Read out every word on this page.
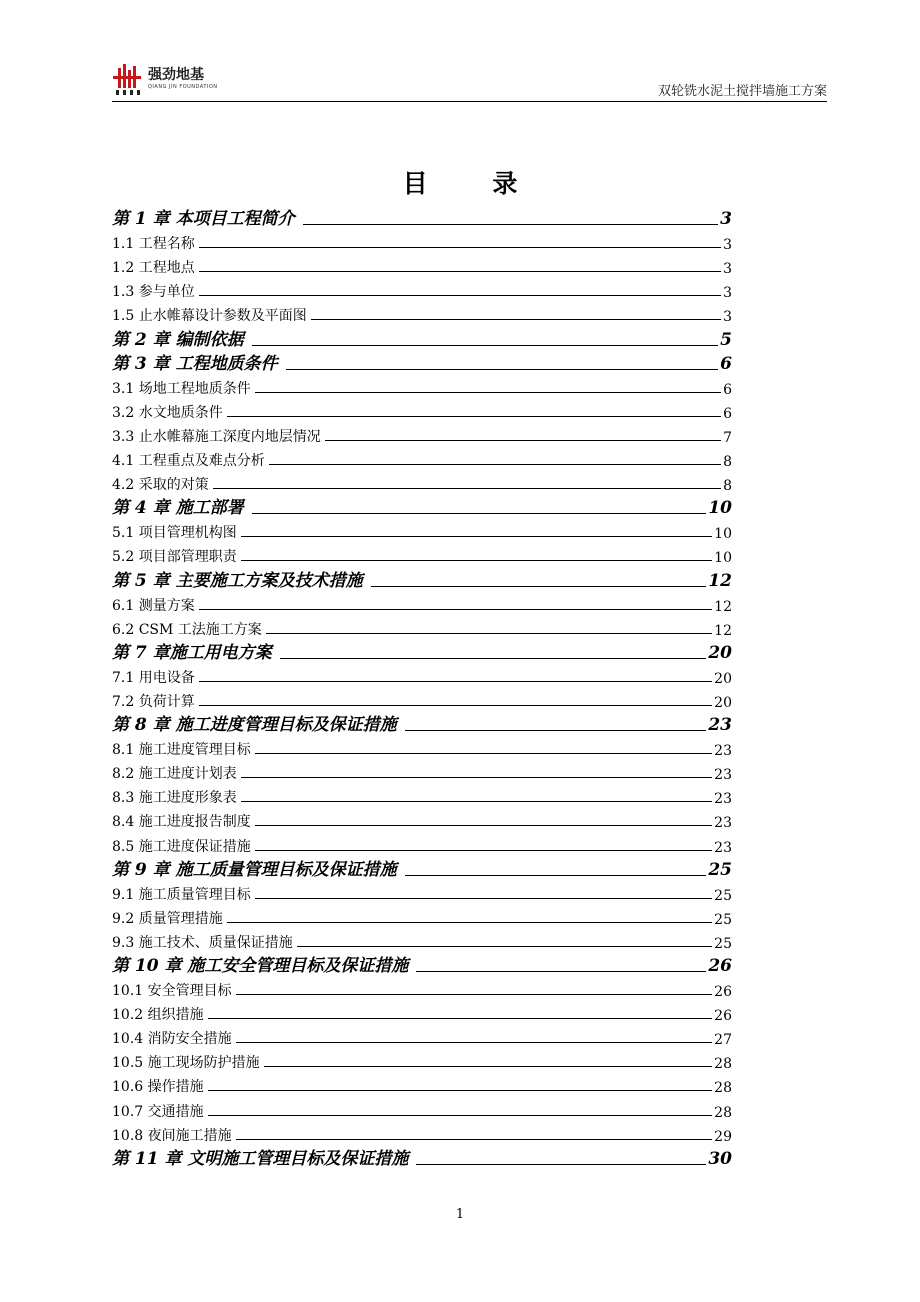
强劲地基
QIANG JIN FOUNDATION	双轮铣水泥土搅拌墙施工方案
目 录
第 1 章 本项目工程简介	3
1.1 工程名称	3
1.2 工程地点	3
1.3 参与单位	3
1.5 止水帷幕设计参数及平面图	3
第 2 章 编制依据	5
第 3 章 工程地质条件	6
3.1 场地工程地质条件	6
3.2 水文地质条件	6
3.3 止水帷幕施工深度内地层情况	7
4.1 工程重点及难点分析	8
4.2 采取的对策	8
第 4 章 施工部署	10
5.1 项目管理机构图	10
5.2 项目部管理职责	10
第 5 章 主要施工方案及技术措施	12
6.1 测量方案	12
6.2 CSM 工法施工方案	12
第 7 章施工用电方案	20
7.1 用电设备	20
7.2 负荷计算	20
第 8 章 施工进度管理目标及保证措施	23
8.1 施工进度管理目标	23
8.2 施工进度计划表	23
8.3 施工进度形象表	23
8.4 施工进度报告制度	23
8.5 施工进度保证措施	23
第 9 章 施工质量管理目标及保证措施	25
9.1 施工质量管理目标	25
9.2 质量管理措施	25
9.3 施工技术、质量保证措施	25
第 10 章 施工安全管理目标及保证措施	26
10.1 安全管理目标	26
10.2 组织措施	26
10.4 消防安全措施	27
10.5 施工现场防护措施	28
10.6 操作措施	28
10.7 交通措施	28
10.8 夜间施工措施	29
第 11 章 文明施工管理目标及保证措施	30
1
